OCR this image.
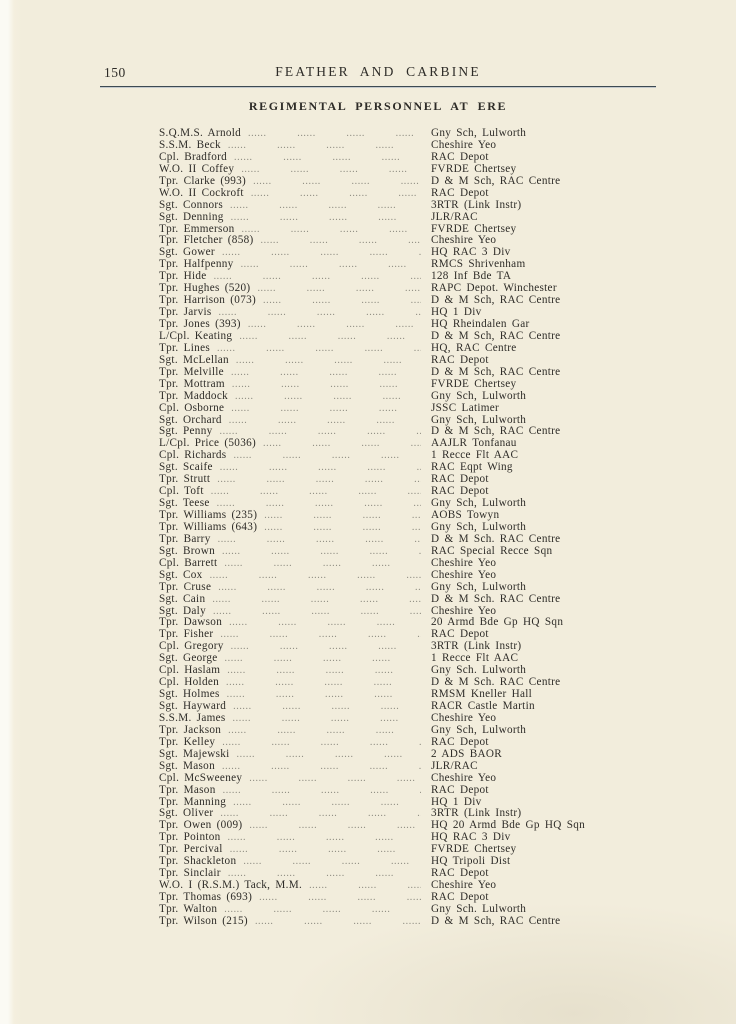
150	FEATHER AND CARBINE
REGIMENTAL PERSONNEL AT ERE
S.Q.M.S. Arnold .....	Gny Sch, Lulworth
S.S.M. Beck .....	Cheshire Yeo
Cpl. Bradford .....	RAC Depot
W.O. II Coffey .....	FVRDE Chertsey
Tpr. Clarke (993) .....	D & M Sch, RAC Centre
W.O. II Cockroft .....	RAC Depot
Sgt. Connors .....	3RTR (Link Instr)
Sgt. Denning .....	JLR/RAC
Tpr. Emmerson .....	FVRDE Chertsey
Tpr. Fletcher (858) .....	Cheshire Yeo
Sgt. Gower .....	HQ RAC 3 Div
Tpr. Halfpenny .....	RMCS Shrivenham
Tpr. Hide .....	128 Inf Bde TA
Tpr. Hughes (520) .....	RAPC Depot. Winchester
Tpr. Harrison (073) .....	D & M Sch, RAC Centre
Tpr. Jarvis .....	HQ 1 Div
Tpr. Jones (393) .....	HQ Rheindalen Gar
L/Cpl. Keating .....	D & M Sch, RAC Centre
Tpr. Lines .....	HQ, RAC Centre
Sgt. McLellan .....	RAC Depot
Tpr. Melville .....	D & M Sch, RAC Centre
Tpr. Mottram .....	FVRDE Chertsey
Tpr. Maddock .....	Gny Sch, Lulworth
Cpl. Osborne .....	JSSC Latimer
Sgt. Orchard .....	Gny Sch, Lulworth
Sgt. Penny .....	D & M Sch, RAC Centre
L/Cpl. Price (5036) .....	AAJLR Tonfanau
Cpl. Richards .....	1 Recce Flt AAC
Sgt. Scaife .....	RAC Eqpt Wing
Tpr. Strutt .....	RAC Depot
Cpl. Toft .....	RAC Depot
Sgt. Teese .....	Gny Sch, Lulworth
Tpr. Williams (235) .....	AOBS Towyn
Tpr. Williams (643) .....	Gny Sch, Lulworth
Tpr. Barry .....	D & M Sch. RAC Centre
Sgt. Brown .....	RAC Special Recce Sqn
Cpl. Barrett .....	Cheshire Yeo
Sgt. Cox .....	Cheshire Yeo
Tpr. Cruse .....	Gny Sch, Lulworth
Sgt. Cain .....	D & M Sch. RAC Centre
Sgt. Daly .....	Cheshire Yeo
Tpr. Dawson .....	20 Armd Bde Gp HQ Sqn
Tpr. Fisher .....	RAC Depot
Cpl. Gregory .....	3RTR (Link Instr)
Sgt. George .....	1 Recce Flt AAC
Cpl. Haslam .....	Gny Sch. Lulworth
Cpl. Holden .....	D & M Sch. RAC Centre
Sgt. Holmes .....	RMSM Kneller Hall
Sgt. Hayward .....	RACR Castle Martin
S.S.M. James .....	Cheshire Yeo
Tpr. Jackson .....	Gny Sch, Lulworth
Tpr. Kelley .....	RAC Depot
Sgt. Majewski .....	2 ADS BAOR
Sgt. Mason .....	JLR/RAC
Cpl. McSweeney .....	Cheshire Yeo
Tpr. Mason .....	RAC Depot
Tpr. Manning .....	HQ 1 Div
Sgt. Oliver .....	3RTR (Link Instr)
Tpr. Owen (009) .....	HQ 20 Armd Bde Gp HQ Sqn
Tpr. Pointon .....	HQ RAC 3 Div
Tpr. Percival .....	FVRDE Chertsey
Tpr. Shackleton .....	HQ Tripoli Dist
Tpr. Sinclair .....	RAC Depot
W.O. I (R.S.M.) Tack, M.M. .....	Cheshire Yeo
Tpr. Thomas (693) .....	RAC Depot
Tpr. Walton .....	Gny Sch. Lulworth
Tpr. Wilson (215) .....	D & M Sch, RAC Centre
